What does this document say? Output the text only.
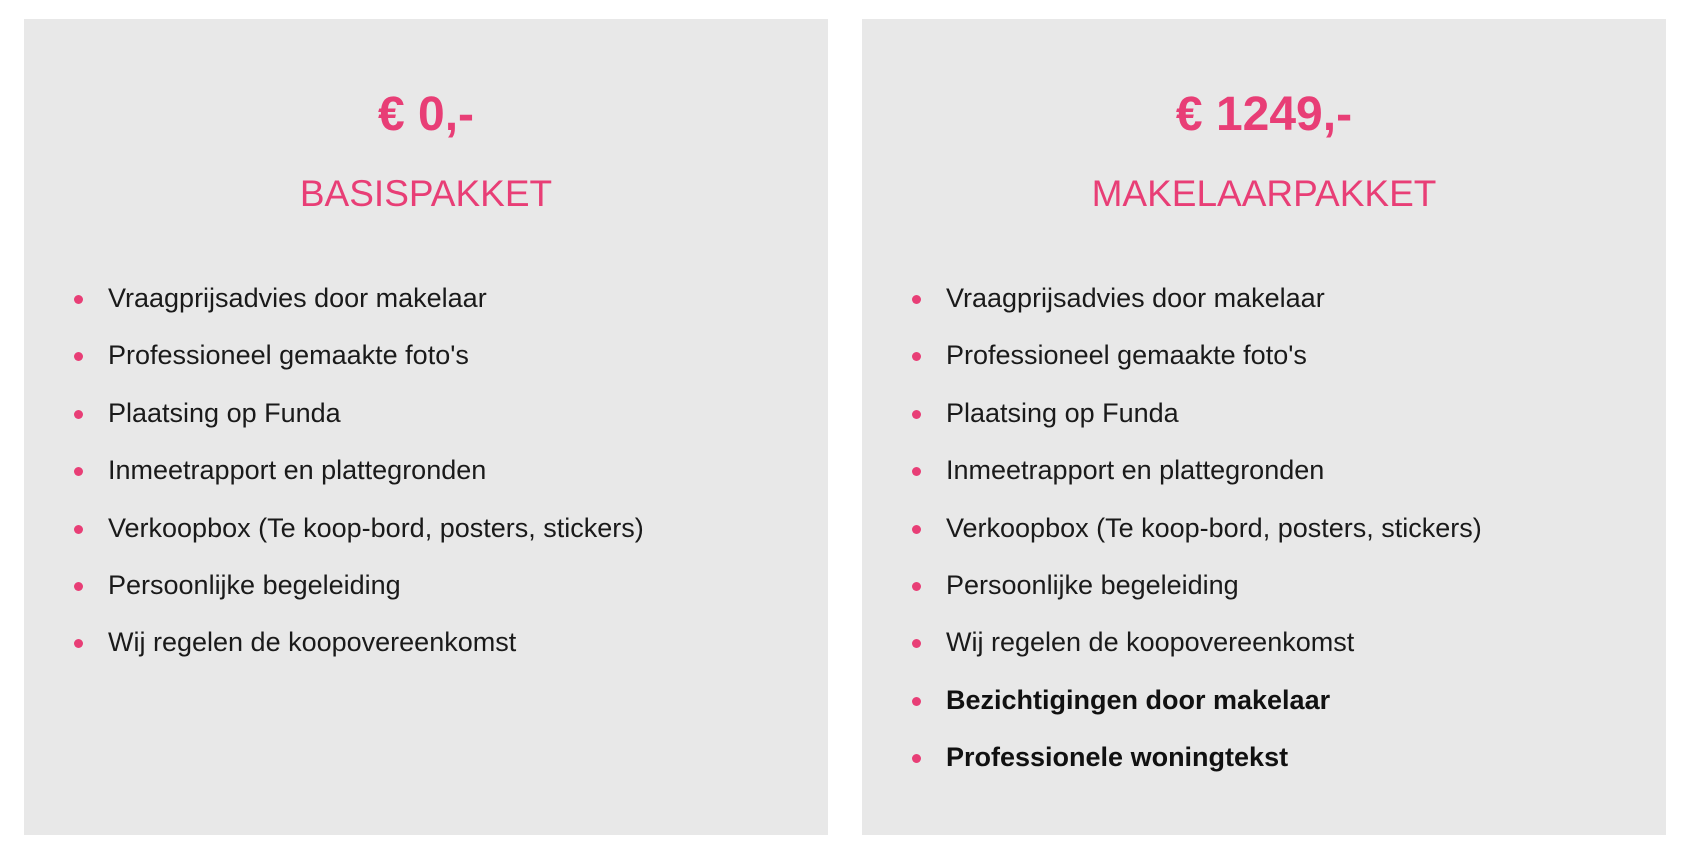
€ 0,-
BASISPAKKET
Vraagprijsadvies door makelaar
Professioneel gemaakte foto's
Plaatsing op Funda
Inmeetrapport en plattegronden
Verkoopbox (Te koop-bord, posters, stickers)
Persoonlijke begeleiding
Wij regelen de koopovereenkomst
€ 1249,-
MAKELAARPAKKET
Vraagprijsadvies door makelaar
Professioneel gemaakte foto's
Plaatsing op Funda
Inmeetrapport en plattegronden
Verkoopbox (Te koop-bord, posters, stickers)
Persoonlijke begeleiding
Wij regelen de koopovereenkomst
Bezichtigingen door makelaar
Professionele woningtekst
